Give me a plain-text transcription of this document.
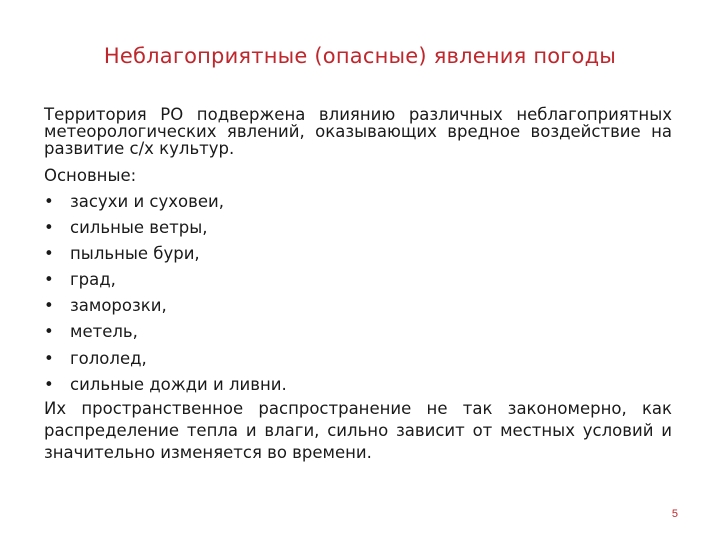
Неблагоприятные (опасные) явления погоды

Территория РО подвержена влиянию различных неблагоприятных метеорологических явлений, оказывающих вредное воздействие на развитие с/х культур.

Основные:

• засухи и суховеи,
• сильные ветры,
• пыльные бури,
• град,
• заморозки,
• метель,
• гололед,
• сильные дожди и ливни.

Их пространственное распространение не так закономерно, как распределение тепла и влаги, сильно зависит от местных условий и значительно изменяется во времени.

5
